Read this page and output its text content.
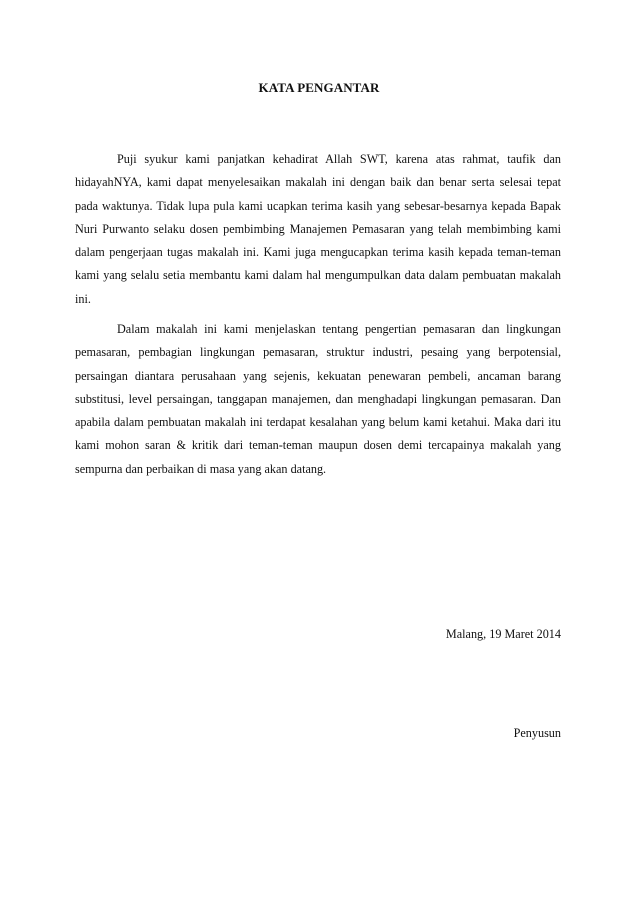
KATA PENGANTAR

Puji syukur kami panjatkan kehadirat Allah SWT, karena atas rahmat, taufik dan hidayahNYA, kami dapat menyelesaikan makalah ini dengan baik dan benar serta selesai tepat pada waktunya. Tidak lupa pula kami ucapkan terima kasih yang sebesar-besarnya kepada Bapak Nuri Purwanto selaku dosen pembimbing Manajemen Pemasaran yang telah membimbing kami dalam pengerjaan tugas makalah ini. Kami juga mengucapkan terima kasih kepada teman-teman kami yang selalu setia membantu kami dalam hal mengumpulkan data dalam pembuatan makalah ini.

Dalam makalah ini kami menjelaskan tentang pengertian pemasaran dan lingkungan pemasaran, pembagian lingkungan pemasaran, struktur industri, pesaing yang berpotensial, persaingan diantara perusahaan yang sejenis, kekuatan penewaran pembeli, ancaman barang substitusi, level persaingan, tanggapan manajemen, dan menghadapi lingkungan pemasaran. Dan apabila dalam pembuatan makalah ini terdapat kesalahan yang belum kami ketahui. Maka dari itu kami mohon saran & kritik dari teman-teman maupun dosen demi tercapainya makalah yang sempurna dan perbaikan di masa yang akan datang.

Malang, 19 Maret 2014
Penyusun
